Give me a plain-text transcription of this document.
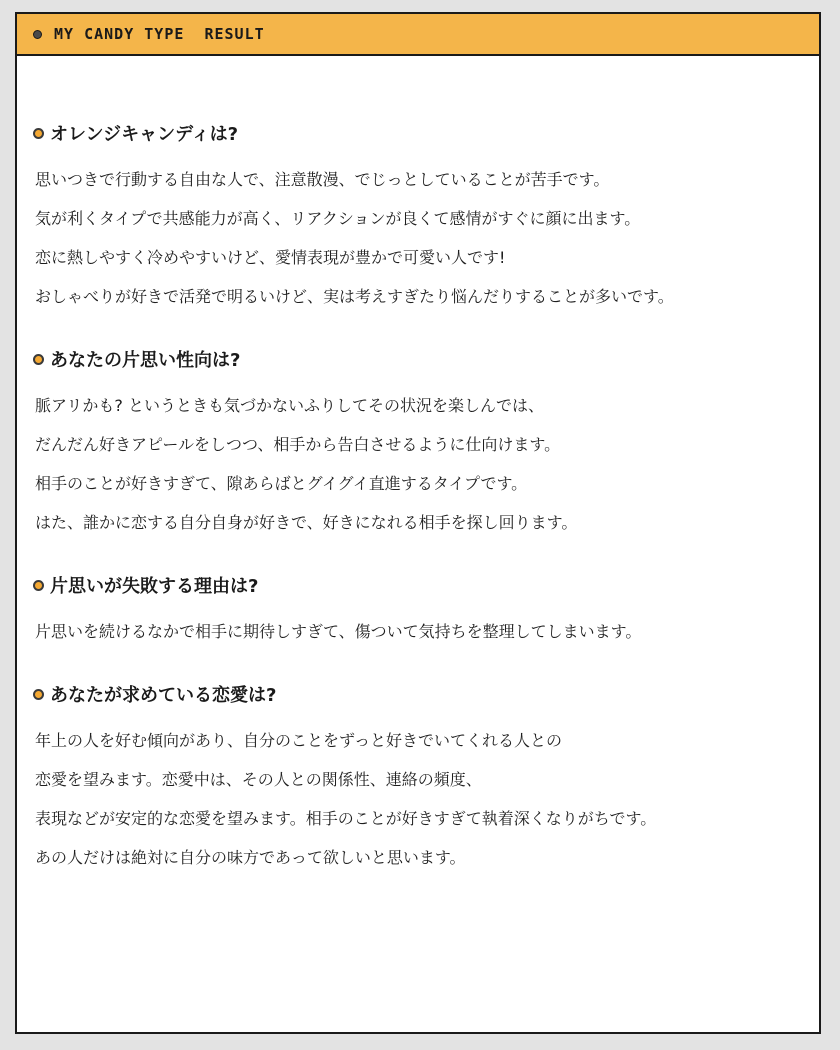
MY CANDY TYPE  RESULT
オレンジキャンディは?
思いつきで行動する自由な人で、注意散漫、でじっとしていることが苦手です。
気が利くタイプで共感能力が高く、リアクションが良くて感情がすぐに顔に出ます。
恋に熱しやすく冷めやすいけど、愛情表現が豊かで可愛い人です!
おしゃべりが好きで活発で明るいけど、実は考えすぎたり悩んだりすることが多いです。
あなたの片思い性向は?
脈アリかも? というときも気づかないふりしてその状況を楽しんでは、
だんだん好きアピールをしつつ、相手から告白させるように仕向けます。
相手のことが好きすぎて、隙あらばとグイグイ直進するタイプです。
はた、誰かに恋する自分自身が好きで、好きになれる相手を探し回ります。
片思いが失敗する理由は?
片思いを続けるなかで相手に期待しすぎて、傷ついて気持ちを整理してしまいます。
あなたが求めている恋愛は?
年上の人を好む傾向があり、自分のことをずっと好きでいてくれる人との
恋愛を望みます。恋愛中は、その人との関係性、連絡の頻度、
表現などが安定的な恋愛を望みます。相手のことが好きすぎて執着深くなりがちです。
あの人だけは絶対に自分の味方であって欲しいと思います。
